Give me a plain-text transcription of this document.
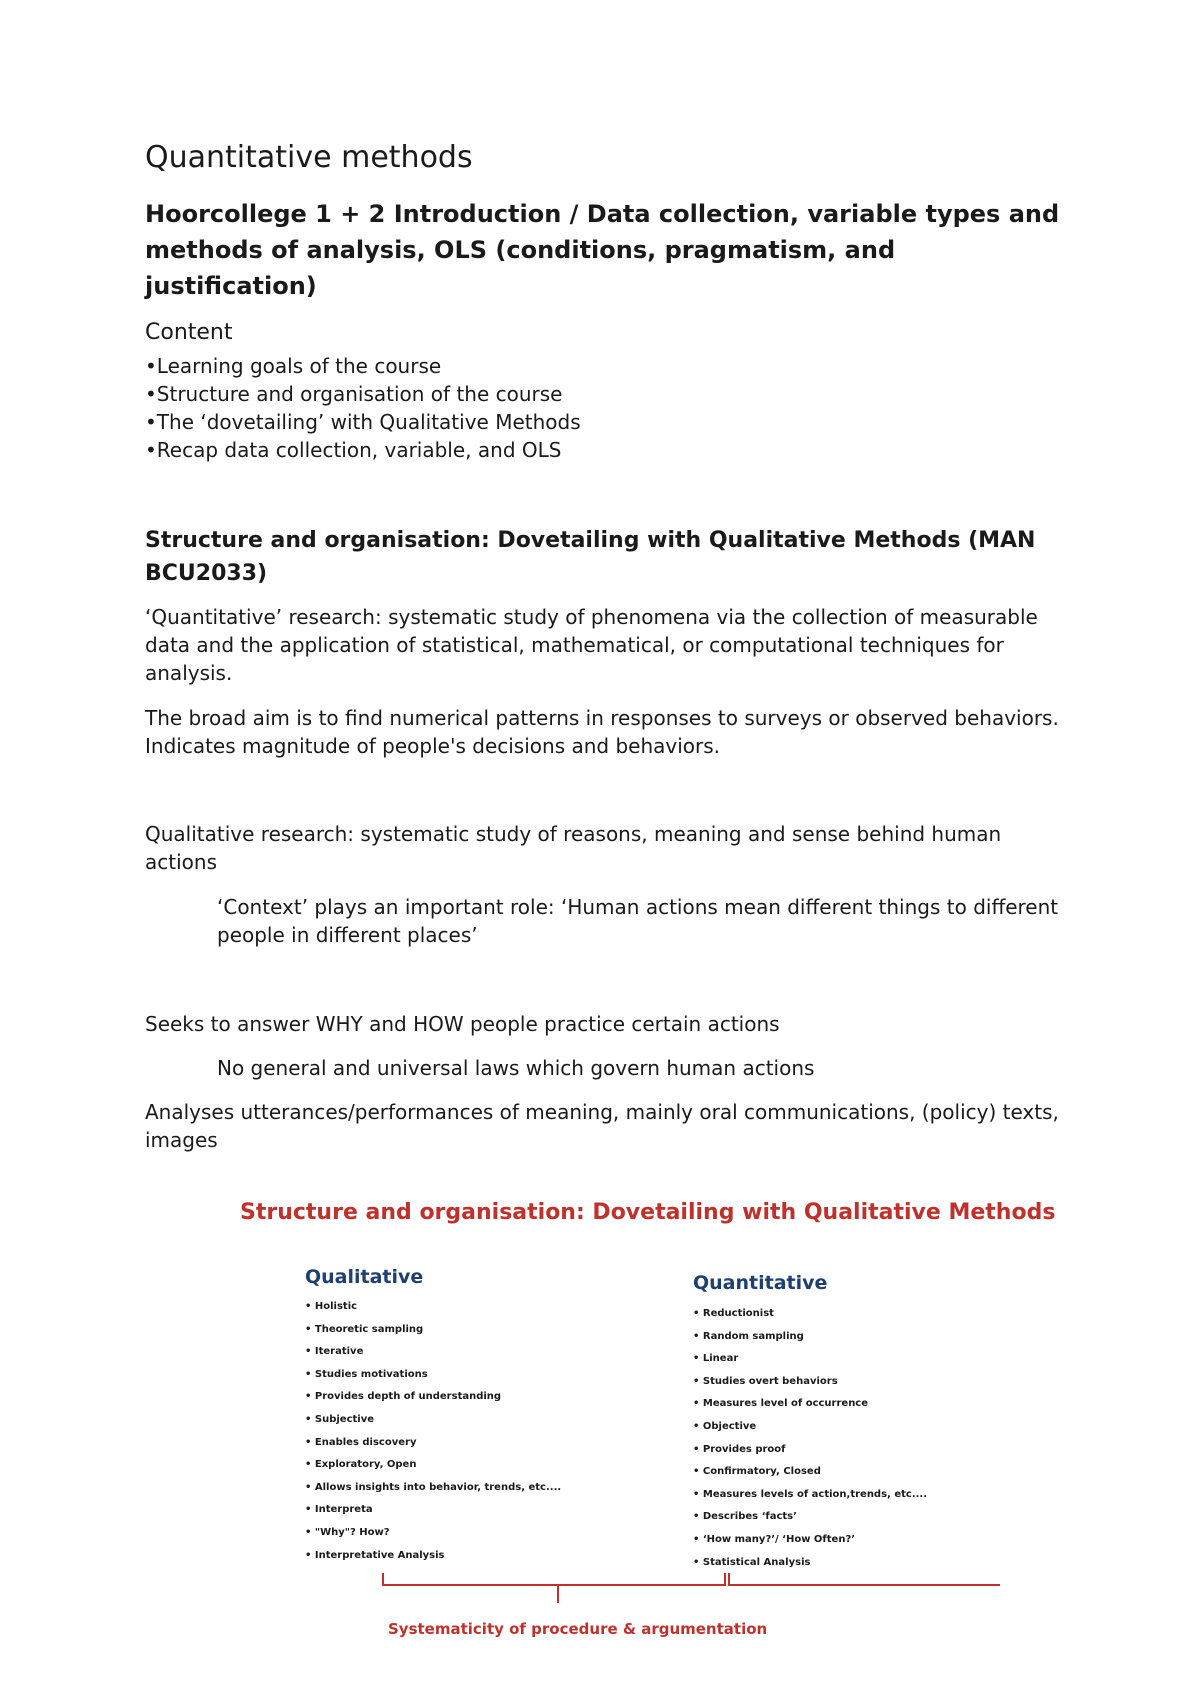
Quantitative methods
Hoorcollege 1 + 2 Introduction / Data collection, variable types and methods of analysis, OLS (conditions, pragmatism, and justification)
Content
• Learning goals of the course
• Structure and organisation of the course
• The ‘dovetailing’ with Qualitative Methods
• Recap data collection, variable, and OLS
Structure and organisation: Dovetailing with Qualitative Methods (MAN BCU2033)

‘Quantitative’ research: systematic study of phenomena via the collection of measurable data and the application of statistical, mathematical, or computational techniques for analysis.

The broad aim is to find numerical patterns in responses to surveys or observed behaviors. Indicates magnitude of people's decisions and behaviors.

Qualitative research: systematic study of reasons, meaning and sense behind human actions

‘Context’ plays an important role: ‘Human actions mean different things to different people in different places’

Seeks to answer WHY and HOW people practice certain actions

No general and universal laws which govern human actions

Analyses utterances/performances of meaning, mainly oral communications, (policy) texts, images

Structure and organisation: Dovetailing with Qualitative Methods
Qualitative
• Holistic
• Theoretic sampling
• Iterative
• Studies motivations
• Provides depth of understanding
• Subjective
• Enables discovery
• Exploratory, Open
• Allows insights into behavior, trends, etc....
• Interpreta
• "Why"? How?
• Interpretative Analysis
Quantitative
• Reductionist
• Random sampling
• Linear
• Studies overt behaviors
• Measures level of occurrence
• Objective
• Provides proof
• Confirmatory, Closed
• Measures levels of action,trends, etc....
• Describes ‘facts’
• ‘How many?’/ ‘How Often?’
• Statistical Analysis
Systematicity of procedure & argumentation
